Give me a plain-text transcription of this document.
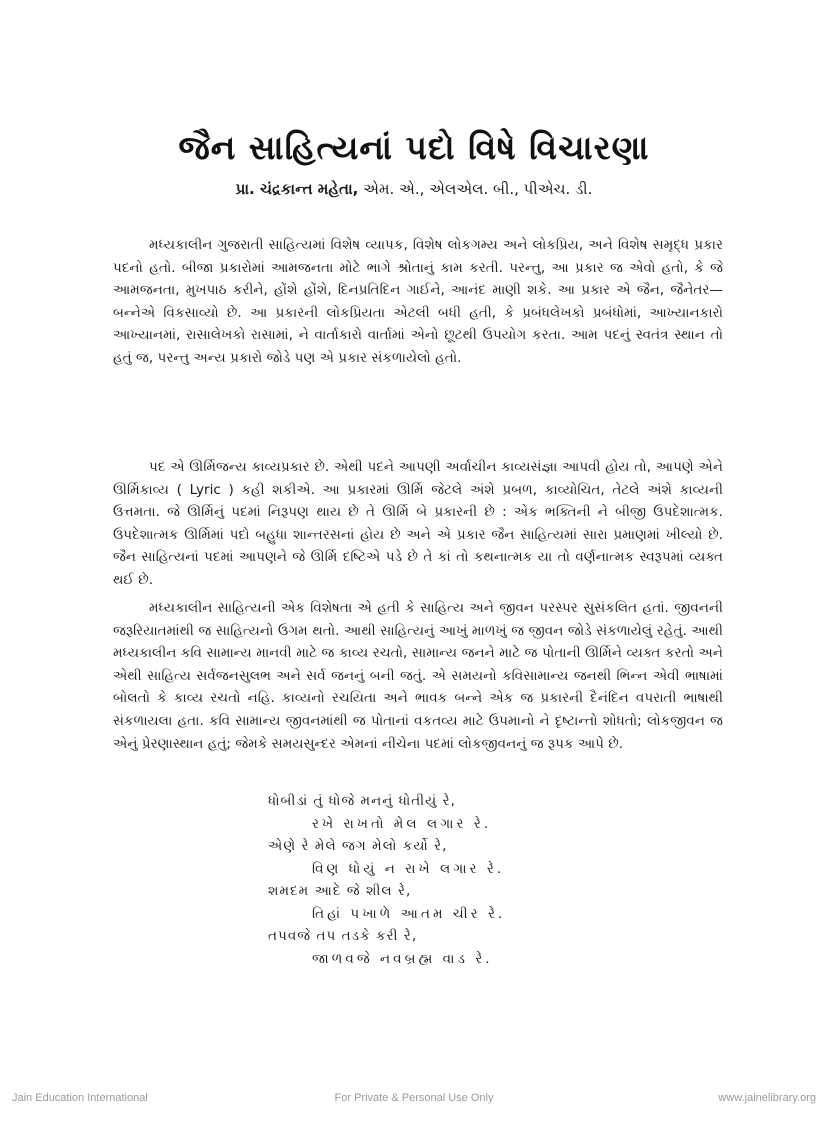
જૈન સાહિત્યનાં પદો વિષે વિચારણા
પ્રા. ચંદ્રકાન્ત મહેતા, એમ. એ., એલએલ. બી., પીએચ. ડી.

મધ્યકાલીન ગુજરાતી સાહિત્યમાં વિશેષ વ્યાપક, વિશેષ લોકગમ્ય અને લોકપ્રિય, અને વિશેષ સમૃદ્ધ પ્રકાર પદનો હતો. બીજા પ્રકારોમાં આમજનતા મોટે ભાગે શ્રોતાનું કામ કરતી. પરન્તુ, આ પ્રકાર જ એવો હતો, કે જે આમજનતા, મુખપાઠ કરીને, હોંશે હોંશે, દિનપ્રતિદિન ગાઈને, આનંદ માણી શકે. આ પ્રકાર એ જૈન, જૈનેતર—બન્નેએ વિકસાવ્યો છે. આ પ્રકારની લોકપ્રિયતા એટલી બધી હતી, કે પ્રબંધલેખકો પ્રબંધોમાં, આખ્યાનકારો આખ્યાનમાં, રાસાલેખકો રાસામાં, ને વાર્તાકારો વાર્તામાં એનો છૂટથી ઉપયોગ કરતા. આમ પદનું સ્વતંત્ર સ્થાન તો હતું જ, પરન્તુ અન્ય પ્રકારો જોડે પણ એ પ્રકાર સંકળાયેલો હતો.

પદ એ ઊર્મિજન્ય કાવ્યપ્રકાર છે. એથી પદને આપણી અર્વાચીન કાવ્યસંજ્ઞા આપવી હોય તો, આપણે એને ઊર્મિકાવ્ય ( Lyric ) કહી શકીએ. આ પ્રકારમાં ઊર્મિ જેટલે અંશે પ્રબળ, કાવ્યોચિત, તેટલે અંશે કાવ્યની ઉત્તમતા. જે ઊર્મિનું પદમાં નિરૂપણ થાય છે તે ઊર્મિ બે પ્રકારની છે : એક ભક્તિની ને બીજી ઉપદેશાત્મક. ઉપદેશાત્મક ઊર્મિમાં પદો બહુધા શાન્તરસનાં હોય છે અને એ પ્રકાર જૈન સાહિત્યમાં સારા પ્રમાણમાં ખીલ્યો છે. જૈન સાહિત્યનાં પદમાં આપણને જે ઊર્મિ દષ્ટિએ પડે છે તે કાં તો કથનાત્મક યા તો વર્ણનાત્મક સ્વરૂપમાં વ્યક્ત થઈ છે.

મધ્યકાલીન સાહિત્યની એક વિશેષતા એ હતી કે સાહિત્ય અને જીવન પરસ્પર સુસંકલિત હતાં. જીવનની જરૂરિયાતમાંથી જ સાહિત્યનો ઉગમ થતો. આથી સાહિત્યનું આખું માળખું જ જીવન જોડે સંકળાયેલું રહેતું. આથી મધ્યકાલીન કવિ સામાન્ય માનવી માટે જ કાવ્ય રચતો, સામાન્ય જનને માટે જ પોતાની ઊર્મિને વ્યક્ત કરતો અને એથી સાહિત્ય સર્વજનસુલભ અને સર્વ જનનું બની જતું. એ સમયનો કવિસામાન્ય જનથી ભિન્ન એવી ભાષામાં બોલતો કે કાવ્ય રચતો નહિ. કાવ્યનો રચયિતા અને ભાવક બન્ને એક જ પ્રકારની દૈનંદિન વપરાતી ભાષાથી સંકળાયલા હતા. કવિ સામાન્ય જીવનમાંથી જ પોતાનાં વકતવ્ય માટે ઉપમાનો ને દૃષ્ટાન્તો શોધતો; લોકજીવન જ એનું પ્રેરણાસ્થાન હતું; જેમકે સમયસુન્દર એમનાં નીચેના પદમાં લોકજીવનનું જ રૂપક આપે છે.

ધોબીડાં તું ધોજે મનનું ધોતીયું રે,
રખે રાખતો મેલ લગાર રે.
એણે રે મેલે જગ મેલો કર્યો રે,
વિણ ધોયું ન રાખે લગાર રે.
શમદમ આદે જે શીલ રે,
તિહાં પખાળે આતમ ચીર રે.
તપવજે તપ તડકે કરી રે,
જાળવજે નવબ્રહ્મ વાડ રે.
Jain Education International	For Private & Personal Use Only	www.jainelibrary.org
